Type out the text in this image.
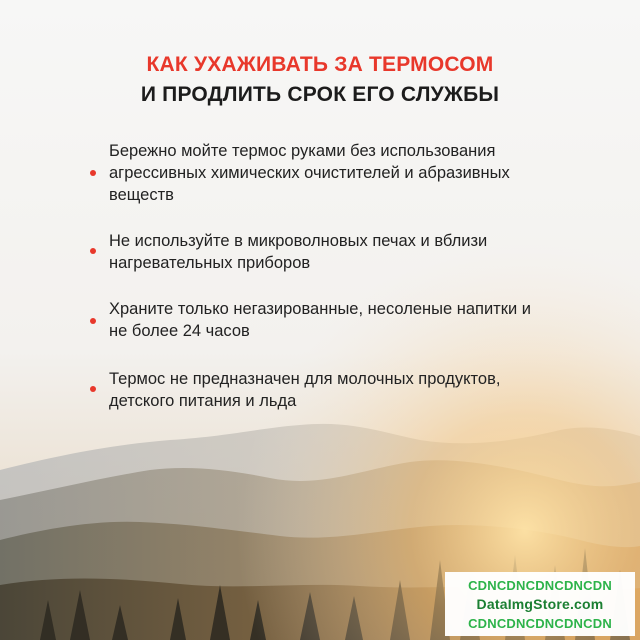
КАК УХАЖИВАТЬ ЗА ТЕРМОСОМ
И ПРОДЛИТЬ СРОК ЕГО СЛУЖБЫ
Бережно мойте термос руками без использования агрессивных химических очистителей и абразивных веществ
Не используйте в микроволновых печах и вблизи нагревательных приборов
Храните только негазированные, несоленые напитки и не более 24 часов
Термос не предназначен для молочных продуктов, детского питания и льда
CDNCDNCDNCDNCDN
DataImgStore.com
CDNCDNCDNCDNCDN
